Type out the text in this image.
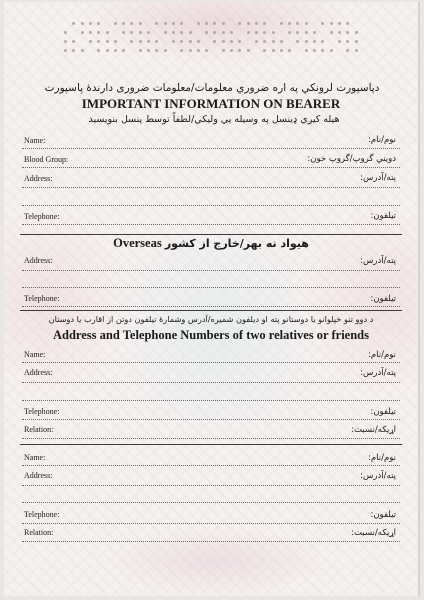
دپاسپورت لرونکي په اره ضروري معلومات/معلومات ضروری دارندهٔ پاسپورت
IMPORTANT INFORMATION ON BEARER
هيله کيږي ډينسل په وسيله يي وليکي/لطفاً توسط پنسل بنويسيد
Name:	نوم/نام:
Blood Group:	دويني گروپ/گروپ خون:
Address:	پته/آدرس:
Telephone:	تيلفون:
Overseas هيواد نه بهر/خارج از کشور
Address:	پته/آدرس:
Telephone:	تيلفون:
د دوو تنو خپلوانو يا دوستانو پته او ديلفون شميره/آدرس وشمارهٔ تيلفون دوتن از اقارب يا دوستان
Address and Telephone Numbers of two relatives or friends
Name:	نوم/نام:
Address:	پته/آدرس:
Telephone:	تيلفون:
Relation:	اړيکه/نسبت:
Name:	نوم/نام:
Address:	پته/آدرس:
Telephone:	تيلفون:
Relation:	اړيکه/نسبت:
